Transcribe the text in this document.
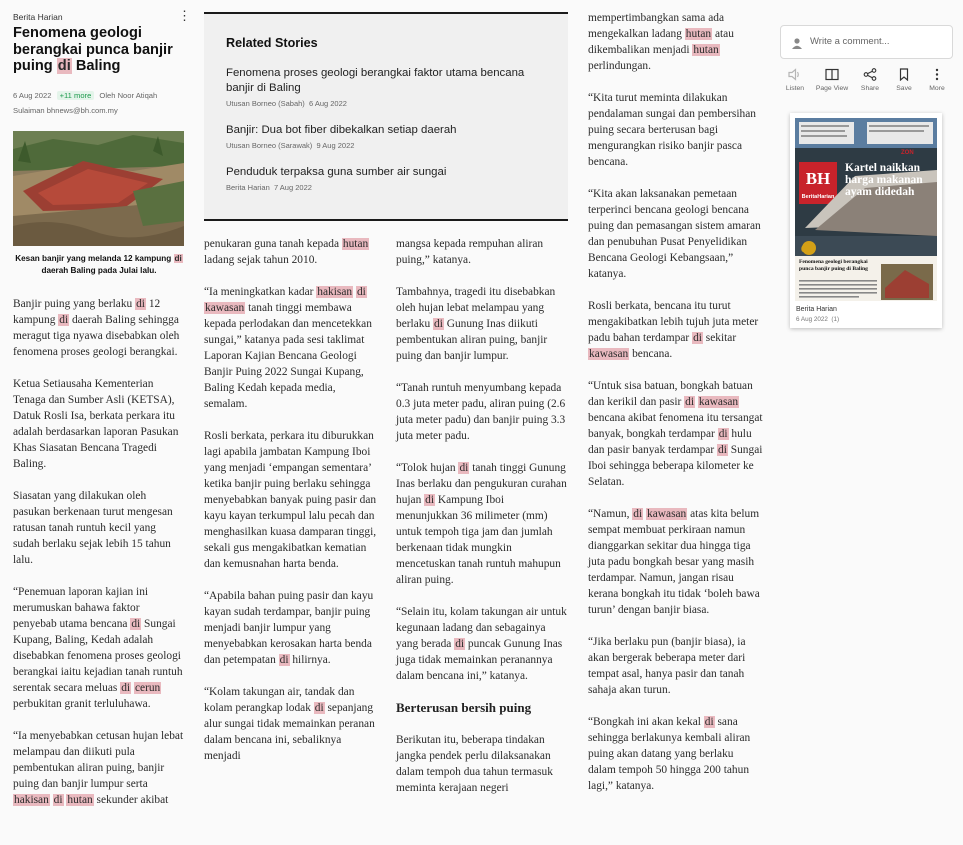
Berita Harian	⋮
Fenomena geologi berangkai punca banjir puing di Baling
6 Aug 2022 +11 more Oleh Noor Atiqah
Sulaiman bhnews@bh.com.my
Kesan banjir yang melanda 12 kampung di daerah Baling pada Julai lalu.

Banjir puing yang berlaku di 12 kampung di daerah Baling sehingga meragut tiga nyawa disebabkan oleh fenomena proses geologi berangkai.

Ketua Setiausaha Kementerian Tenaga dan Sumber Asli (KETSA), Datuk Rosli Isa, berkata perkara itu adalah berdasarkan laporan Pasukan Khas Siasatan Bencana Tragedi Baling.

Siasatan yang dilakukan oleh pasukan berkenaan turut mengesan ratusan tanah runtuh kecil yang sudah berlaku sejak lebih 15 tahun lalu.

“Penemuan laporan kajian ini merumuskan bahawa faktor penyebab utama bencana di Sungai Kupang, Baling, Kedah adalah disebabkan fenomena proses geologi berangkai iaitu kejadian tanah runtuh serentak secara meluas di cerun perbukitan granit terluluhawa.

“Ia menyebabkan cetusan hujan lebat melampau dan diikuti pula pembentukan aliran puing, banjir puing dan banjir lumpur serta hakisan di hutan sekunder akibat

penukaran guna tanah kepada hutan ladang sejak tahun 2010.

“Ia meningkatkan kadar hakisan di kawasan tanah tinggi membawa kepada perlodakan dan mencetekkan sungai,” katanya pada sesi taklimat Laporan Kajian Bencana Geologi Banjir Puing 2022 Sungai Kupang, Baling Kedah kepada media, semalam.

Rosli berkata, perkara itu diburukkan lagi apabila jambatan Kampung Iboi yang menjadi ‘empangan sementara’ ketika banjir puing berlaku sehingga menyebabkan banyak puing pasir dan kayu kayan terkumpul lalu pecah dan menghasilkan kuasa damparan tinggi, sekali gus mengakibatkan kematian dan kemusnahan harta benda.

“Apabila bahan puing pasir dan kayu kayan sudah terdampar, banjir puing menjadi banjir lumpur yang menyebabkan kerosakan harta benda dan petempatan di hilirnya.

“Kolam takungan air, tandak dan kolam perangkap lodak di sepanjang alur sungai tidak memainkan peranan dalam bencana ini, sebaliknya menjadi

mangsa kepada rempuhan aliran puing,” katanya.

Tambahnya, tragedi itu disebabkan oleh hujan lebat melampau yang berlaku di Gunung Inas diikuti pembentukan aliran puing, banjir puing dan banjir lumpur.

“Tanah runtuh menyumbang kepada 0.3 juta meter padu, aliran puing (2.6 juta meter padu) dan banjir puing 3.3 juta meter padu.

“Tolok hujan di tanah tinggi Gunung Inas berlaku dan pengukuran curahan hujan di Kampung Iboi menunjukkan 36 milimeter (mm) untuk tempoh tiga jam dan jumlah berkenaan tidak mungkin mencetuskan tanah runtuh mahupun aliran puing.

“Selain itu, kolam takungan air untuk kegunaan ladang dan sebagainya yang berada di puncak Gunung Inas juga tidak memainkan peranannya dalam bencana ini,” katanya.

Berterusan bersih puing

Berikutan itu, beberapa tindakan jangka pendek perlu dilaksanakan dalam tempoh dua tahun termasuk meminta kerajaan negeri

mempertimbangkan sama ada mengekalkan ladang hutan atau dikembalikan menjadi hutan perlindungan.

“Kita turut meminta dilakukan pendalaman sungai dan pembersihan puing secara berterusan bagi mengurangkan risiko banjir pasca bencana.

“Kita akan laksanakan pemetaan terperinci bencana geologi bencana puing dan pemasangan sistem amaran dan penubuhan Pusat Penyelidikan Bencana Geologi Kebangsaan,” katanya.

Rosli berkata, bencana itu turut mengakibatkan lebih tujuh juta meter padu bahan terdampar di sekitar kawasan bencana.

“Untuk sisa batuan, bongkah batuan dan kerikil dan pasir di kawasan bencana akibat fenomena itu tersangat banyak, bongkah terdampar di hulu dan pasir banyak terdampar di Sungai Iboi sehingga beberapa kilometer ke Selatan.

“Namun, di kawasan atas kita belum sempat membuat perkiraan namun dianggarkan sekitar dua hingga tiga juta padu bongkah besar yang masih terdampar. Namun, jangan risau kerana bongkah itu tidak ‘boleh bawa turun’ dengan banjir biasa.

“Jika berlaku pun (banjir biasa), ia akan bergerak beberapa meter dari tempat asal, hanya pasir dan tanah sahaja akan turun.

“Bongkah ini akan kekal di sana sehingga berlakunya kembali aliran puing akan datang yang berlaku dalam tempoh 50 hingga 200 tahun lagi,” katanya.

Related Stories
Fenomena proses geologi berangkai faktor utama bencana banjir di Baling
Utusan Borneo (Sabah) 6 Aug 2022
Banjir: Dua bot fiber dibekalkan setiap daerah
Utusan Borneo (Sarawak) 9 Aug 2022
Penduduk terpaksa guna sumber air sungai
Berita Harian 7 Aug 2022
Write a comment...
Listen	Page View	Share	Save	More
BH
BeritaHarian
ZON
66
Kartel naikkan harga makanan ayam didedah
Fenomena geologi berangkai punca banjir puing di Baling
Berita Harian
6 Aug 2022 (1)
